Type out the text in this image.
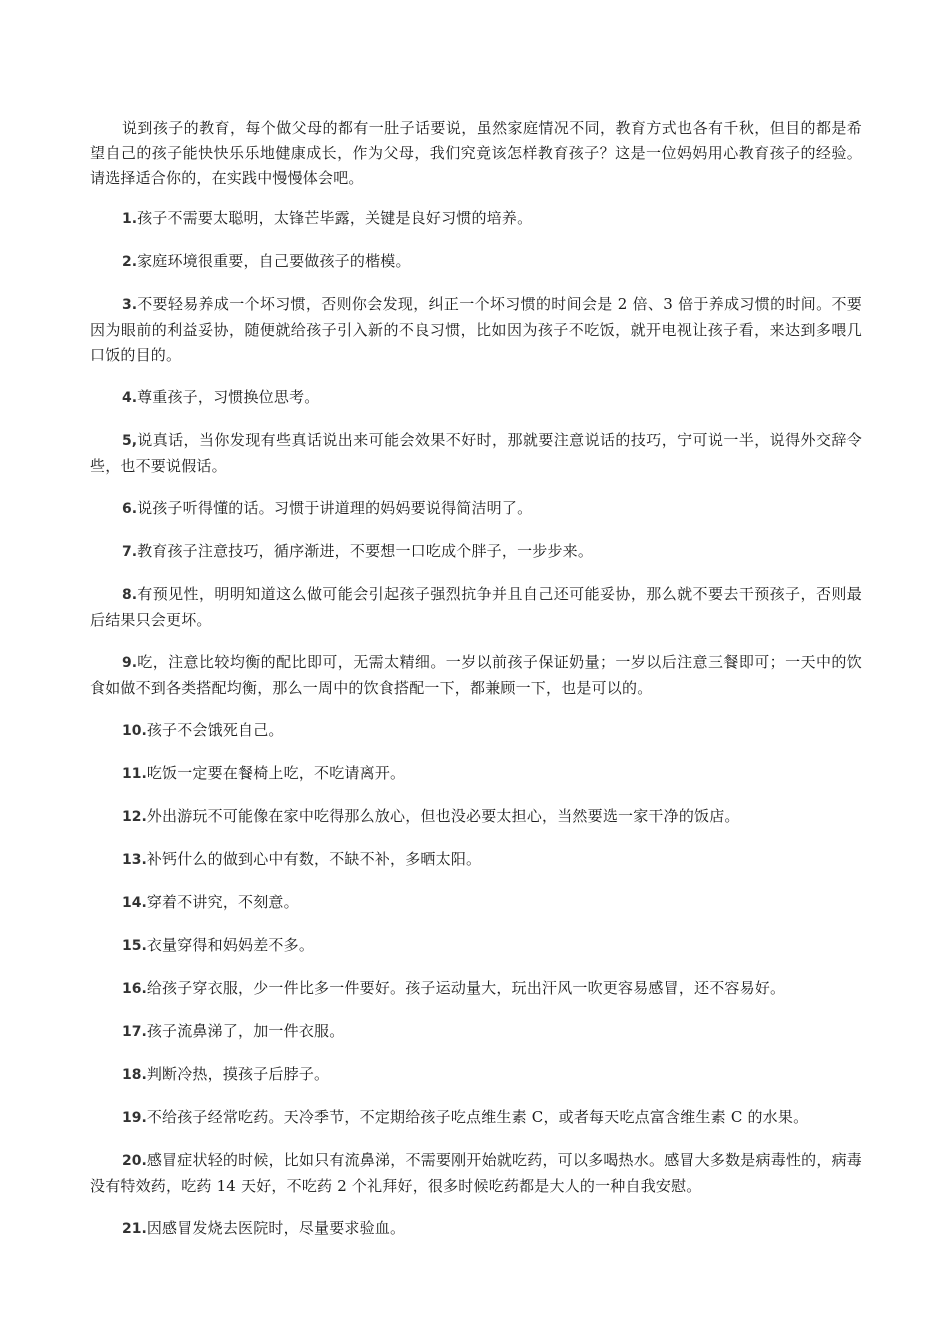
说到孩子的教育，每个做父母的都有一肚子话要说，虽然家庭情况不同，教育方式也各有千秋，但目的都是希望自己的孩子能快快乐乐地健康成长，作为父母，我们究竟该怎样教育孩子？这是一位妈妈用心教育孩子的经验。请选择适合你的，在实践中慢慢体会吧。

1.孩子不需要太聪明，太锋芒毕露，关键是良好习惯的培养。

2.家庭环境很重要，自己要做孩子的楷模。

3.不要轻易养成一个坏习惯，否则你会发现，纠正一个坏习惯的时间会是 2 倍、3 倍于养成习惯的时间。不要因为眼前的利益妥协，随便就给孩子引入新的不良习惯，比如因为孩子不吃饭，就开电视让孩子看，来达到多喂几口饭的目的。

4.尊重孩子，习惯换位思考。

5,说真话，当你发现有些真话说出来可能会效果不好时，那就要注意说话的技巧，宁可说一半，说得外交辞令些，也不要说假话。

6.说孩子听得懂的话。习惯于讲道理的妈妈要说得简洁明了。

7.教育孩子注意技巧，循序渐进，不要想一口吃成个胖子，一步步来。

8.有预见性，明明知道这么做可能会引起孩子强烈抗争并且自己还可能妥协，那么就不要去干预孩子，否则最后结果只会更坏。

9.吃，注意比较均衡的配比即可，无需太精细。一岁以前孩子保证奶量；一岁以后注意三餐即可；一天中的饮食如做不到各类搭配均衡，那么一周中的饮食搭配一下，都兼顾一下，也是可以的。

10.孩子不会饿死自己。

11.吃饭一定要在餐椅上吃，不吃请离开。

12.外出游玩不可能像在家中吃得那么放心，但也没必要太担心，当然要选一家干净的饭店。

13.补钙什么的做到心中有数，不缺不补，多晒太阳。

14.穿着不讲究，不刻意。

15.衣量穿得和妈妈差不多。

16.给孩子穿衣服，少一件比多一件要好。孩子运动量大，玩出汗风一吹更容易感冒，还不容易好。

17.孩子流鼻涕了，加一件衣服。

18.判断冷热，摸孩子后脖子。

19.不给孩子经常吃药。天冷季节，不定期给孩子吃点维生素 C，或者每天吃点富含维生素 C 的水果。

20.感冒症状轻的时候，比如只有流鼻涕，不需要刚开始就吃药，可以多喝热水。感冒大多数是病毒性的，病毒没有特效药，吃药 14 天好，不吃药 2 个礼拜好，很多时候吃药都是大人的一种自我安慰。

21.因感冒发烧去医院时，尽量要求验血。
